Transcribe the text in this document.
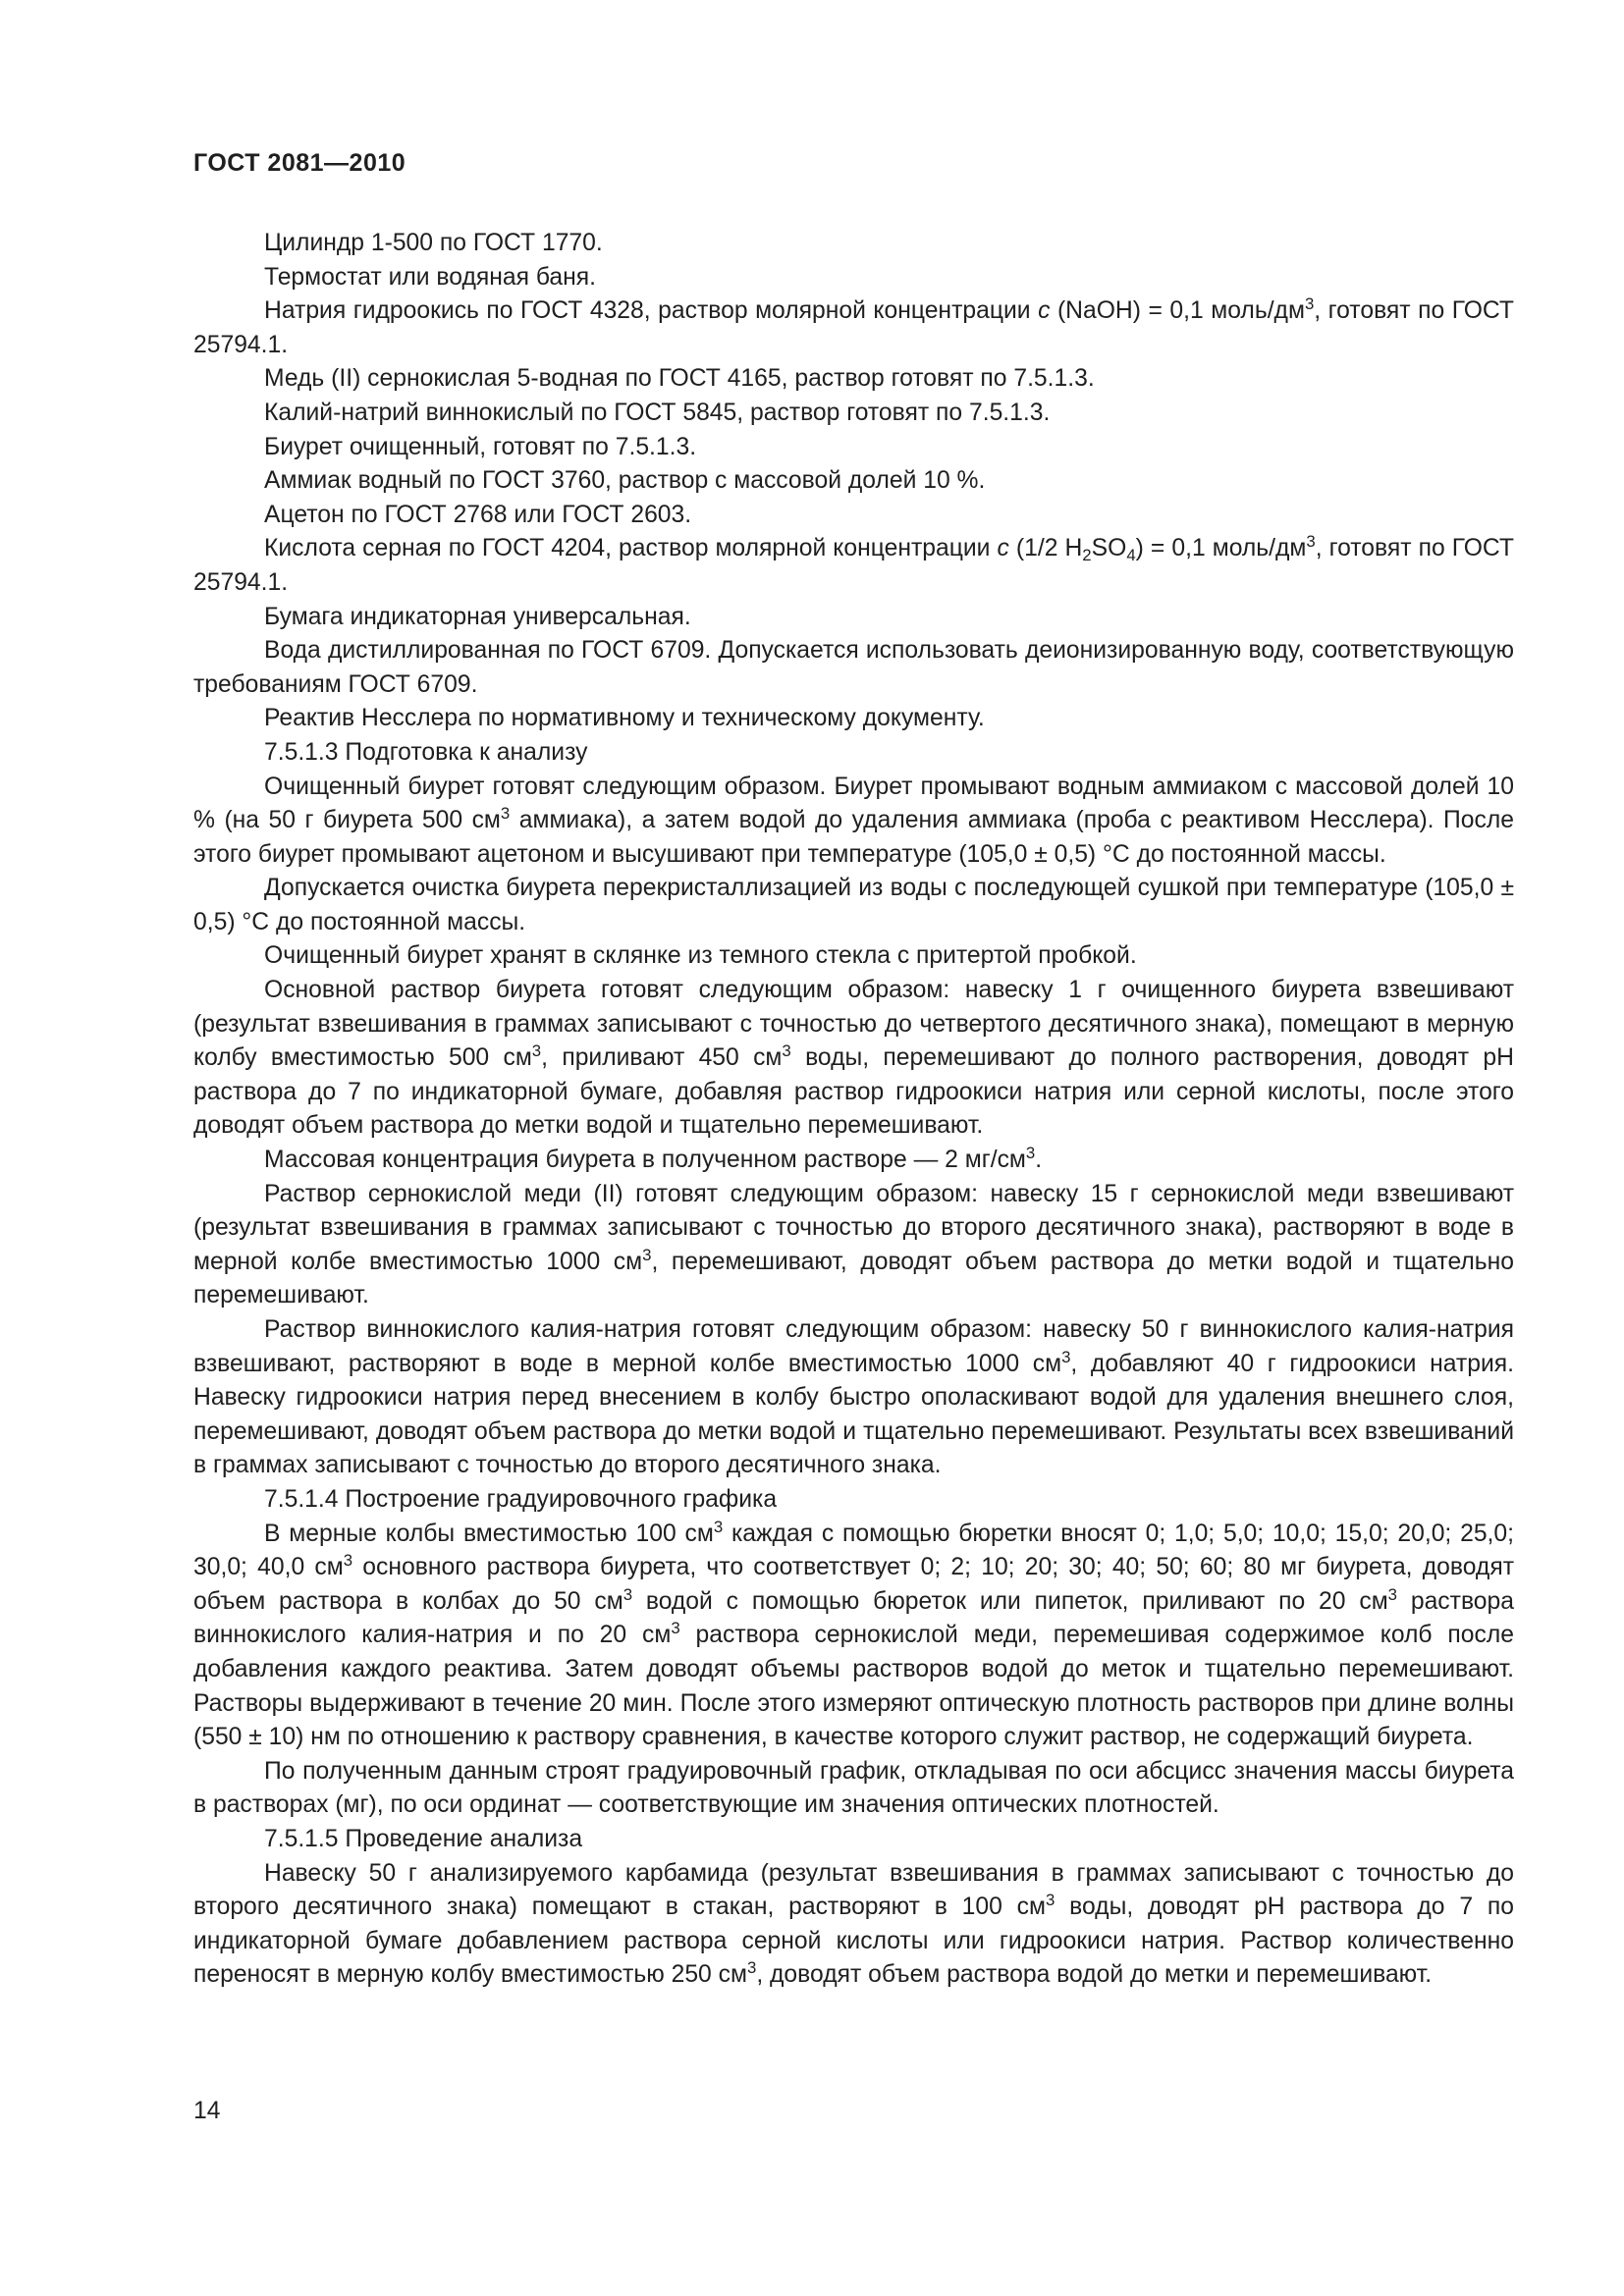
ГОСТ 2081—2010

Цилиндр 1-500 по ГОСТ 1770.

Термостат или водяная баня.

Натрия гидроокись по ГОСТ 4328, раствор молярной концентрации c (NaOH) = 0,1 моль/$дм^3$, готовят по ГОСТ 25794.1.

Медь (II) сернокислая 5-водная по ГОСТ 4165, раствор готовят по 7.5.1.3.

Калий-натрий виннокислый по ГОСТ 5845, раствор готовят по 7.5.1.3.

Биурет очищенный, готовят по 7.5.1.3.

Аммиак водный по ГОСТ 3760, раствор с массовой долей 10 %.

Ацетон по ГОСТ 2768 или ГОСТ 2603.

Кислота серная по ГОСТ 4204, раствор молярной концентрации c (1/2 $H_2SO_4) = 0,1$ моль/$дм^3$, готовят по ГОСТ 25794.1.

Бумага индикаторная универсальная.

Вода дистиллированная по ГОСТ 6709. Допускается использовать деионизированную воду, соответствующую требованиям ГОСТ 6709.

Реактив Несслера по нормативному и техническому документу.

7.5.1.3 Подготовка к анализу

Очищенный биурет готовят следующим образом. Биурет промывают водным аммиаком с массовой долей 10 % (на 50 г биурета 500 $см^3$ аммиака), а затем водой до удаления аммиака (проба с реактивом Несслера). После этого биурет промывают ацетоном и высушивают при температуре (105,0 ± 0,5) °С до постоянной массы.

Допускается очистка биурета перекристаллизацией из воды с последующей сушкой при температуре (105,0 ± 0,5) °С до постоянной массы.

Очищенный биурет хранят в склянке из темного стекла с притертой пробкой.

Основной раствор биурета готовят следующим образом: навеску 1 г очищенного биурета взвешивают (результат взвешивания в граммах записывают с точностью до четвертого десятичного знака), помещают в мерную колбу вместимостью 500 $см^3$, приливают 450 $см^3$ воды, перемешивают до полного растворения, доводят pH раствора до 7 по индикаторной бумаге, добавляя раствор гидроокиси натрия или серной кислоты, после этого доводят объем раствора до метки водой и тщательно перемешивают.

Массовая концентрация биурета в полученном растворе — 2 $мг/см^3$.

Раствор сернокислой меди (II) готовят следующим образом: навеску 15 г сернокислой меди взвешивают (результат взвешивания в граммах записывают с точностью до второго десятичного знака), растворяют в воде в мерной колбе вместимостью 1000 $см^3$, перемешивают, доводят объем раствора до метки водой и тщательно перемешивают.

Раствор виннокислого калия-натрия готовят следующим образом: навеску 50 г виннокислого калия-натрия взвешивают, растворяют в воде в мерной колбе вместимостью 1000 $см^3$, добавляют 40 г гидроокиси натрия. Навеску гидроокиси натрия перед внесением в колбу быстро ополаскивают водой для удаления внешнего слоя, перемешивают, доводят объем раствора до метки водой и тщательно перемешивают. Результаты всех взвешиваний в граммах записывают с точностью до второго десятичного знака.

7.5.1.4 Построение градуировочного графика

В мерные колбы вместимостью 100 $см^3$ каждая с помощью бюретки вносят 0; 1,0; 5,0; 10,0; 15,0; 20,0; 25,0; 30,0; 40,0 $см^3$ основного раствора биурета, что соответствует 0; 2; 10; 20; 30; 40; 50; 60; 80 мг биурета, доводят объем раствора в колбах до 50 $см^3$ водой с помощью бюреток или пипеток, приливают по 20 $см^3$ раствора виннокислого калия-натрия и по 20 $см^3$ раствора сернокислой меди, перемешивая содержимое колб после добавления каждого реактива. Затем доводят объемы растворов водой до меток и тщательно перемешивают. Растворы выдерживают в течение 20 мин. После этого измеряют оптическую плотность растворов при длине волны (550 ± 10) нм по отношению к раствору сравнения, в качестве которого служит раствор, не содержащий биурета.

По полученным данным строят градуировочный график, откладывая по оси абсцисс значения массы биурета в растворах (мг), по оси ординат — соответствующие им значения оптических плотностей.

7.5.1.5 Проведение анализа

Навеску 50 г анализируемого карбамида (результат взвешивания в граммах записывают с точностью до второго десятичного знака) помещают в стакан, растворяют в 100 $см^3$ воды, доводят pH раствора до 7 по индикаторной бумаге добавлением раствора серной кислоты или гидроокиси натрия. Раствор количественно переносят в мерную колбу вместимостью 250 $см^3$, доводят объем раствора водой до метки и перемешивают.

14
